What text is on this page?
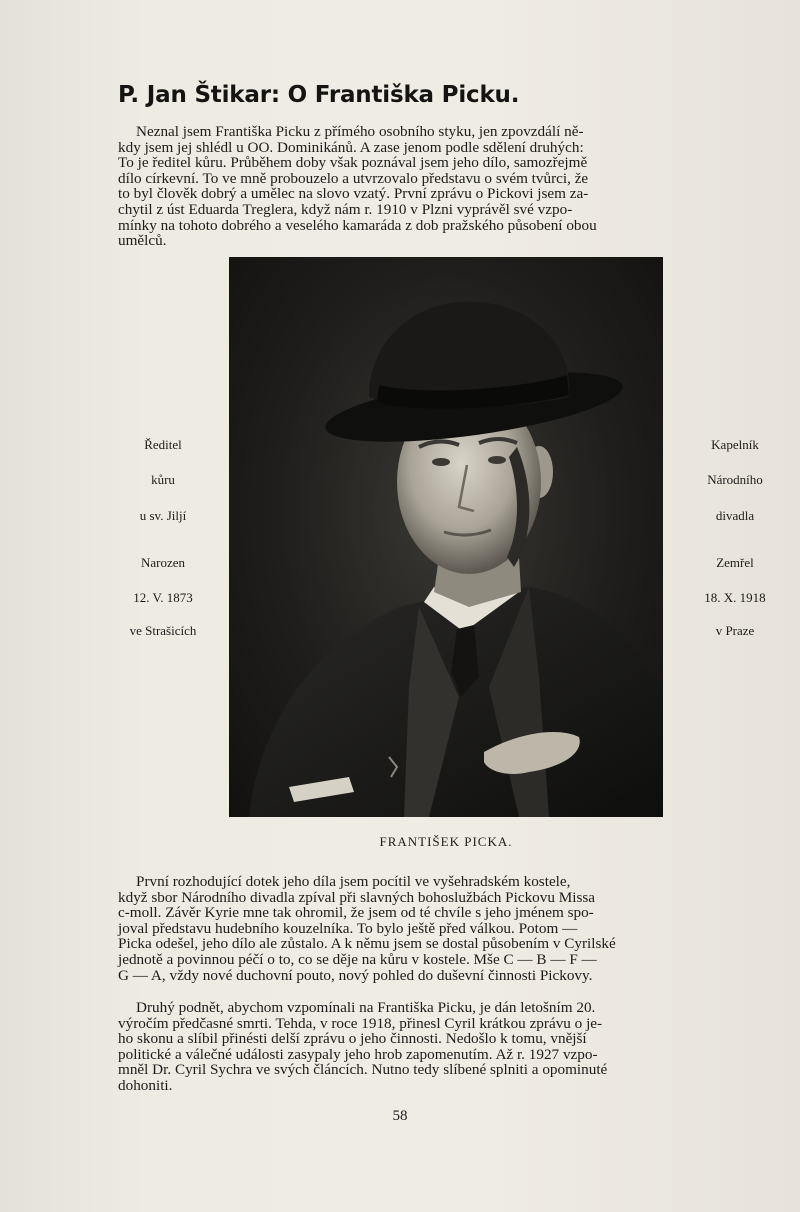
P. Jan Štikar: O Františka Picku.

Neznal jsem Františka Picku z přímého osobního styku, jen zpovzdálí ně-
kdy jsem jej shlédl u OO. Dominikánů. A zase jenom podle sdělení druhých:
To je ředitel kůru. Průběhem doby však poznával jsem jeho dílo, samozřejmě
dílo církevní. To ve mně probouzelo a utvrzovalo představu o svém tvůrci, že
to byl člověk dobrý a umělec na slovo vzatý. První zprávu o Pickovi jsem za-
chytil z úst Eduarda Treglera, když nám r. 1910 v Plzni vyprávěl své vzpo-
mínky na tohoto dobrého a veselého kamaráda z dob pražského působení obou
umělců.

Ředitel
kůru
u sv. Jiljí
Narozen
12. V. 1873
ve Strašicích
Kapelník
Národního
divadla
Zemřel
18. X. 1918
v Praze

FRANTIŠEK PICKA.

První rozhodující dotek jeho díla jsem pocítil ve vyšehradském kostele,
když sbor Národního divadla zpíval při slavných bohoslužbách Pickovu Missa
c-moll. Závěr Kyrie mne tak ohromil, že jsem od té chvíle s jeho jménem spo-
joval představu hudebního kouzelníka. To bylo ještě před válkou. Potom —
Picka odešel, jeho dílo ale zůstalo. A k němu jsem se dostal působením v Cyrilské
jednotě a povinnou péčí o to, co se děje na kůru v kostele. Mše C — B — F —
G — A, vždy nové duchovní pouto, nový pohled do duševní činnosti Pickovy.

Druhý podnět, abychom vzpomínali na Františka Picku, je dán letošním 20.
výročím předčasné smrti. Tehda, v roce 1918, přinesl Cyril krátkou zprávu o je-
ho skonu a slíbil přinésti delší zprávu o jeho činnosti. Nedošlo k tomu, vnější
politické a válečné události zasypaly jeho hrob zapomenutím. Až r. 1927 vzpo-
mněl Dr. Cyril Sychra ve svých článcích. Nutno tedy slíbené splniti a opominuté
dohoniti.

58
